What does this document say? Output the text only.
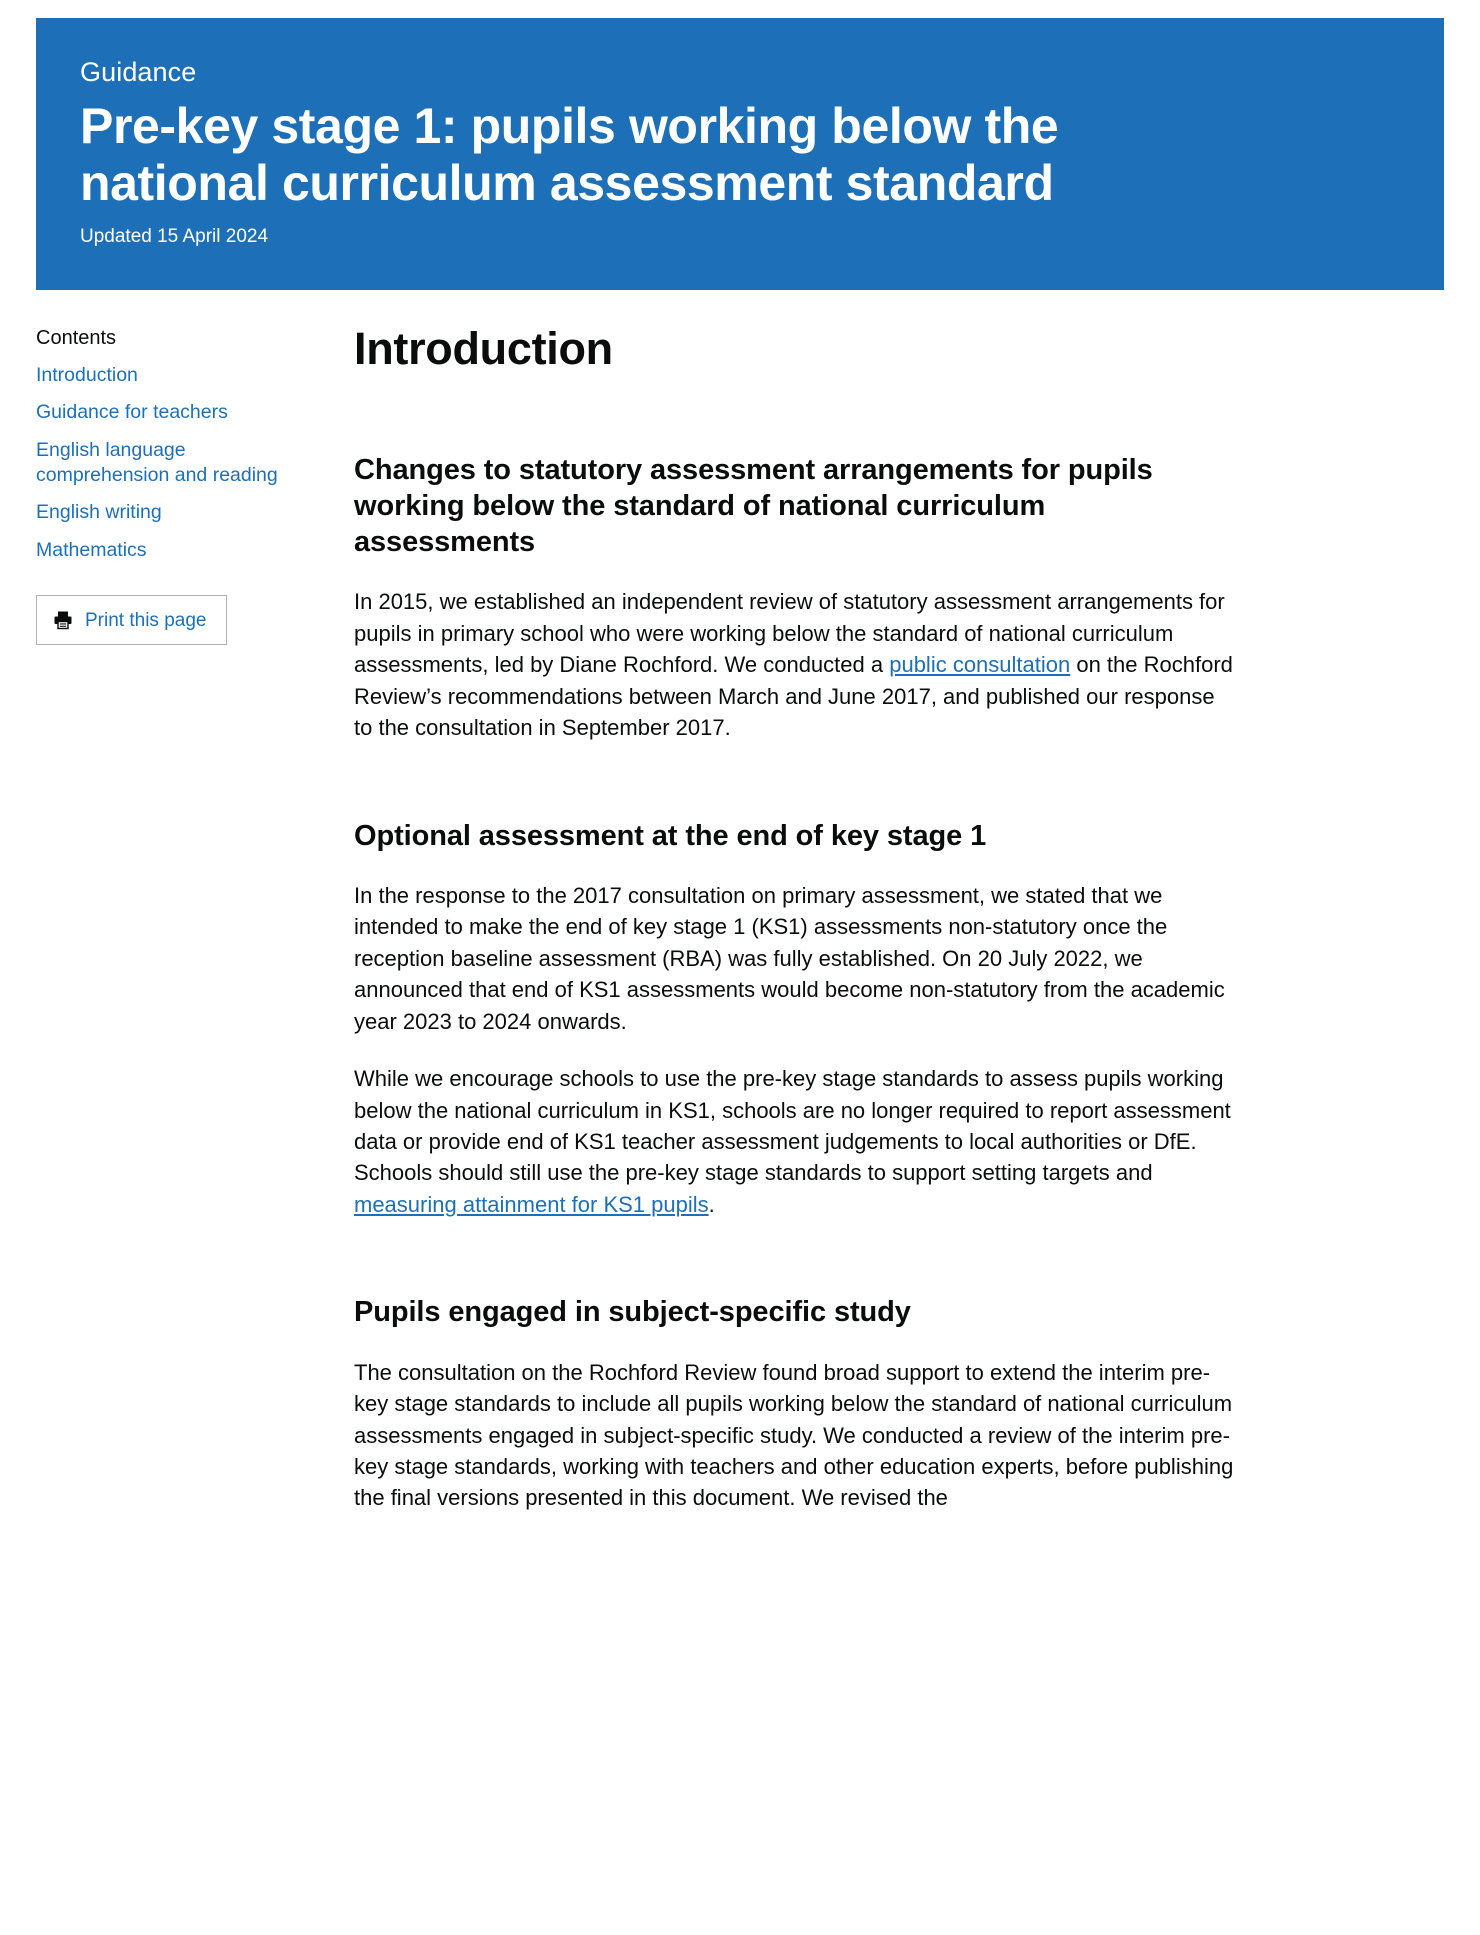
Guidance

Pre-key stage 1: pupils working below the national curriculum assessment standard

Updated 15 April 2024

Contents

Introduction
Guidance for teachers
English language comprehension and reading
English writing
Mathematics
Print this page
Introduction
Changes to statutory assessment arrangements for pupils working below the standard of national curriculum assessments

In 2015, we established an independent review of statutory assessment arrangements for pupils in primary school who were working below the standard of national curriculum assessments, led by Diane Rochford. We conducted a public consultation on the Rochford Review’s recommendations between March and June 2017, and published our response to the consultation in September 2017.

Optional assessment at the end of key stage 1

In the response to the 2017 consultation on primary assessment, we stated that we intended to make the end of key stage 1 (KS1) assessments non-statutory once the reception baseline assessment (RBA) was fully established. On 20 July 2022, we announced that end of KS1 assessments would become non-statutory from the academic year 2023 to 2024 onwards.

While we encourage schools to use the pre-key stage standards to assess pupils working below the national curriculum in KS1, schools are no longer required to report assessment data or provide end of KS1 teacher assessment judgements to local authorities or DfE. Schools should still use the pre-key stage standards to support setting targets and measuring attainment for KS1 pupils.

Pupils engaged in subject-specific study

The consultation on the Rochford Review found broad support to extend the interim pre-key stage standards to include all pupils working below the standard of national curriculum assessments engaged in subject-specific study. We conducted a review of the interim pre-key stage standards, working with teachers and other education experts, before publishing the final versions presented in this document. We revised the
